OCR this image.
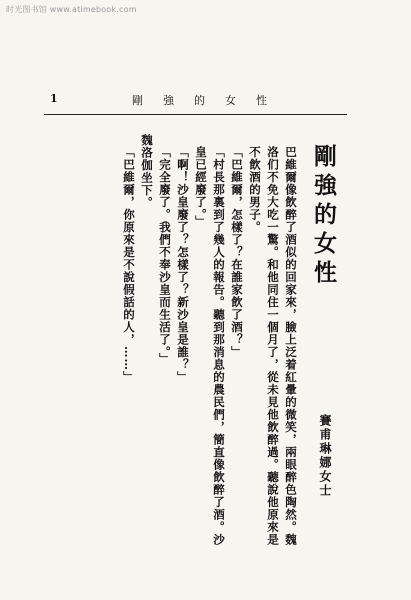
时光图书馆 www.atimebook.com
1	剛強的女性
剛強的女性

巴維爾像飲醉了酒似的回家來，臉上泛着紅暈的微笑，兩眼醉色陶然。魏洛们不免大吃一驚。和他同住一個月了，從未見他飲醉過。聽說他原來是不飲酒的男子。

「巴維爾，怎樣了？在誰家飲了酒？」

「村長那裏到了幾人的報告。聽到那消息的農民們，簡直像飲醉了酒。沙皇已經廢了。」

「啊！沙皇廢了？怎樣了？新沙皇是誰？」

「完全廢了。我們不奉沙皇而生活了。」

魏洛伽坐下。

「巴維爾，你原來是不說假話的人，……」

賽甫琳娜女士
